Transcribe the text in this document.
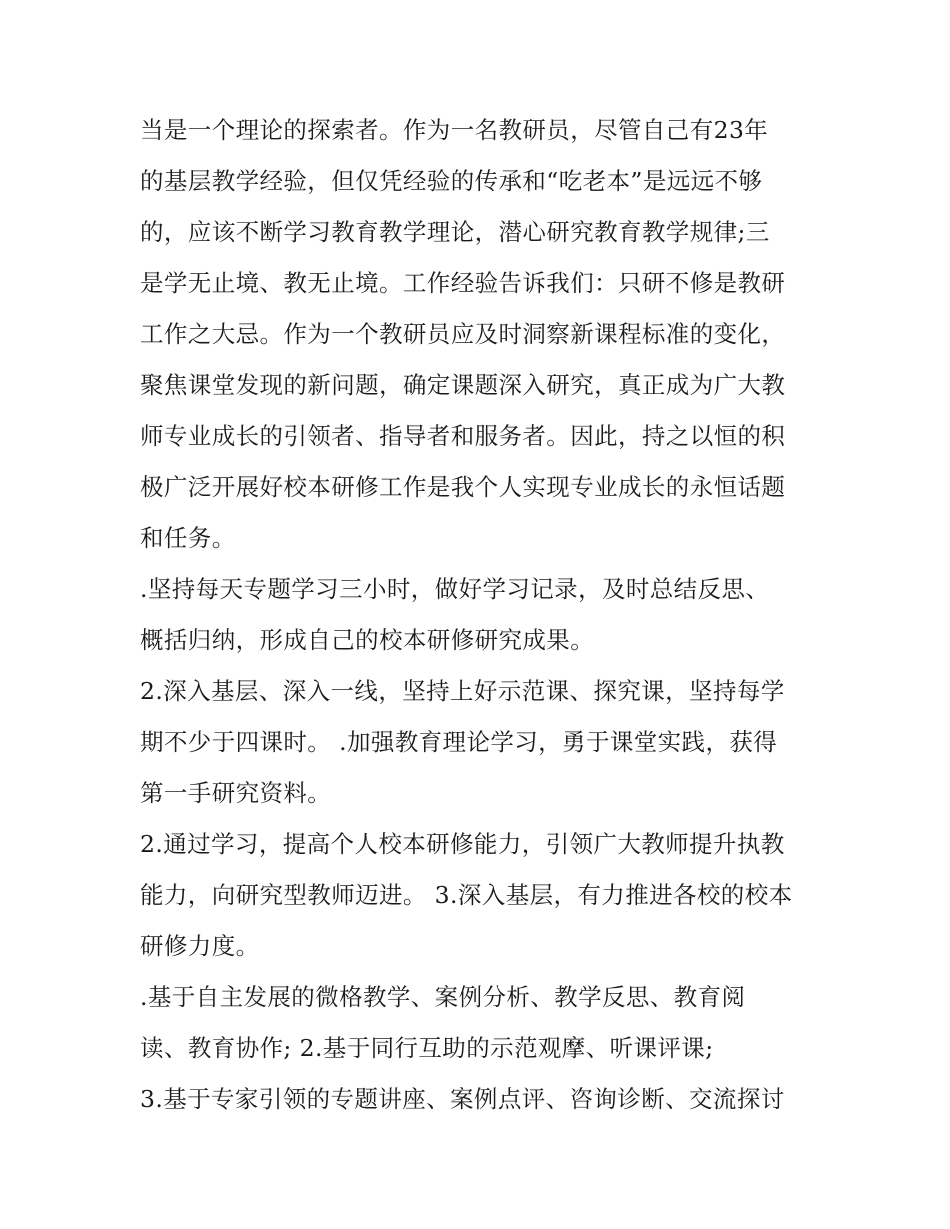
当是一个理论的探索者。作为一名教研员，尽管自己有23年
的基层教学经验，但仅凭经验的传承和“吃老本”是远远不够
的，应该不断学习教育教学理论，潜心研究教育教学规律;三
是学无止境、教无止境。工作经验告诉我们：只研不修是教研
工作之大忌。作为一个教研员应及时洞察新课程标准的变化，
聚焦课堂发现的新问题，确定课题深入研究，真正成为广大教
师专业成长的引领者、指导者和服务者。因此，持之以恒的积
极广泛开展好校本研修工作是我个人实现专业成长的永恒话题
和任务。
.坚持每天专题学习三小时，做好学习记录，及时总结反思、
概括归纳，形成自己的校本研修研究成果。
2.深入基层、深入一线，坚持上好示范课、探究课，坚持每学
期不少于四课时。 .加强教育理论学习，勇于课堂实践，获得
第一手研究资料。
2.通过学习，提高个人校本研修能力，引领广大教师提升执教
能力，向研究型教师迈进。 3.深入基层，有力推进各校的校本
研修力度。
.基于自主发展的微格教学、案例分析、教学反思、教育阅
读、教育协作; 2.基于同行互助的示范观摩、听课评课;
3.基于专家引领的专题讲座、案例点评、咨询诊断、交流探讨
